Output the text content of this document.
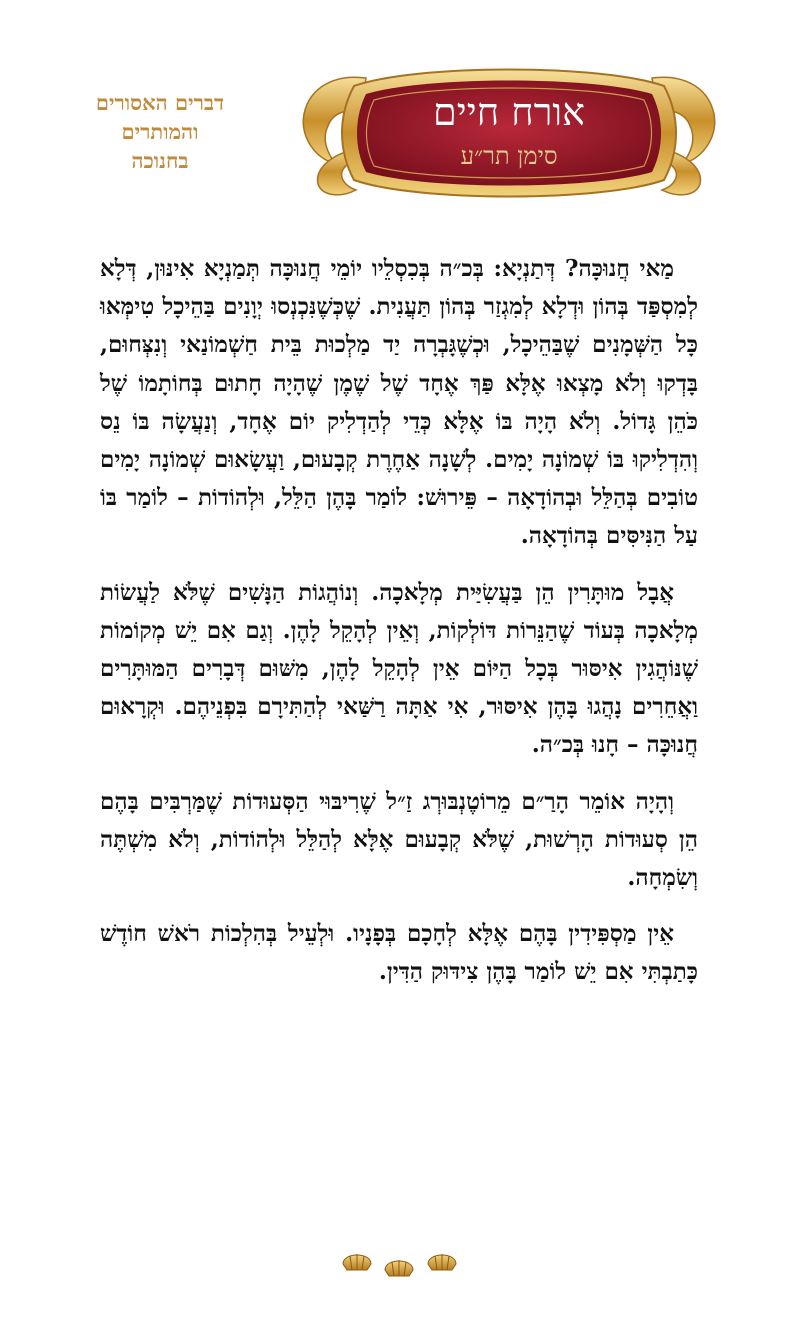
דברים האסורים
והמותרים
בחנוכה
אורח חיים
סימן תר״ע

מַאי חֲנוּכָּה? דְּתַנְיָא: בְּכ״ה בְּכִסְלֵיו יוֹמֵי חֲנוּכָּה תְּמַנְיָא אִינּוּן, דְּלָא לְמִסְפַּד בְּהוֹן וּדְלָא לְמִגְזַר בְּהוֹן תַּעֲנִית. שֶׁכְּשֶׁנִּכְנְסוּ יְוָנִים בַּהֵיכָל טִימְּאוּ כָּל הַשְּׁמָנִים שֶׁבַּהֵיכָל, וּכְשֶׁגָּבְרָה יַד מַלְכוּת בֵּית חַשְׁמוֹנַאי וְנִצְּחוּם, בָּדְקוּ וְלֹא מָצְאוּ אֶלָּא פַּךְ אֶחָד שֶׁל שֶׁמֶן שֶׁהָיָה חָתוּם בְּחוֹתָמוֹ שֶׁל כֹּהֵן גָּדוֹל. וְלֹא הָיָה בּוֹ אֶלָּא כְּדֵי לְהַדְלִיק יוֹם אֶחָד, וְנַעֲשָׂה בּוֹ נֵס וְהִדְלִיקוּ בּוֹ שְׁמוֹנָה יָמִים. לְשָׁנָה אַחֶרֶת קְבָעוּם, וַעֲשָׂאוּם שְׁמוֹנָה יָמִים טוֹבִים בְּהַלֵּל וּבְהוֹדָאָה – פֵּירוּשׁ: לוֹמַר בָּהֶן הַלֵּל, וּלְהוֹדוֹת – לוֹמַר בּוֹ עַל הַנִּיסִּים בְּהוֹדָאָה.

אֲבָל מוּתָּרִין הֵן בַּעֲשִׂיַּית מְלָאכָה. וְנוֹהֲגוֹת הַנָּשִׁים שֶׁלֹּא לַעֲשׂוֹת מְלָאכָה בְּעוֹד שֶׁהַנֵּרוֹת דּוֹלְקוֹת, וְאֵין לְהָקֵל לָהֶן. וְגַם אִם יֵשׁ מְקוֹמוֹת שֶׁנּוֹהֲגִין אִיסּוּר בְּכָל הַיּוֹם אֵין לְהָקֵל לָהֶן, מִשּׁוּם דְּבָרִים הַמּוּתָּרִים וַאֲחֵרִים נָהֲגוּ בָּהֶן אִיסּוּר, אִי אַתָּה רַשַּׁאי לְהַתִּירָם בִּפְנֵיהֶם. וּקְרָאוּם חֲנוּכָּה – חָנוּ בְּכ״ה.

וְהָיָה אוֹמֵר הָרַ״ם מֵרוֹטֶנְבּוּרְג זַ״ל שֶׁרִיבּוּי הַסְּעוּדוֹת שֶׁמַּרְבִּים בָּהֶם הֵן סְעוּדוֹת הָרְשׁוּת, שֶׁלֹּא קְבָעוּם אֶלָּא לְהַלֵּל וּלְהוֹדוֹת, וְלֹא מִשְׁתֶּה וְשִׂמְחָה.

אֵין מַסְפִּידִין בָּהֶם אֶלָּא לְחָכָם בְּפָנָיו. וּלְעֵיל בְּהִלְכוֹת רֹאשׁ חוֹדֶשׁ כָּתַבְתִּי אִם יֵשׁ לוֹמַר בָּהֶן צִידּוּק הַדִּין.
